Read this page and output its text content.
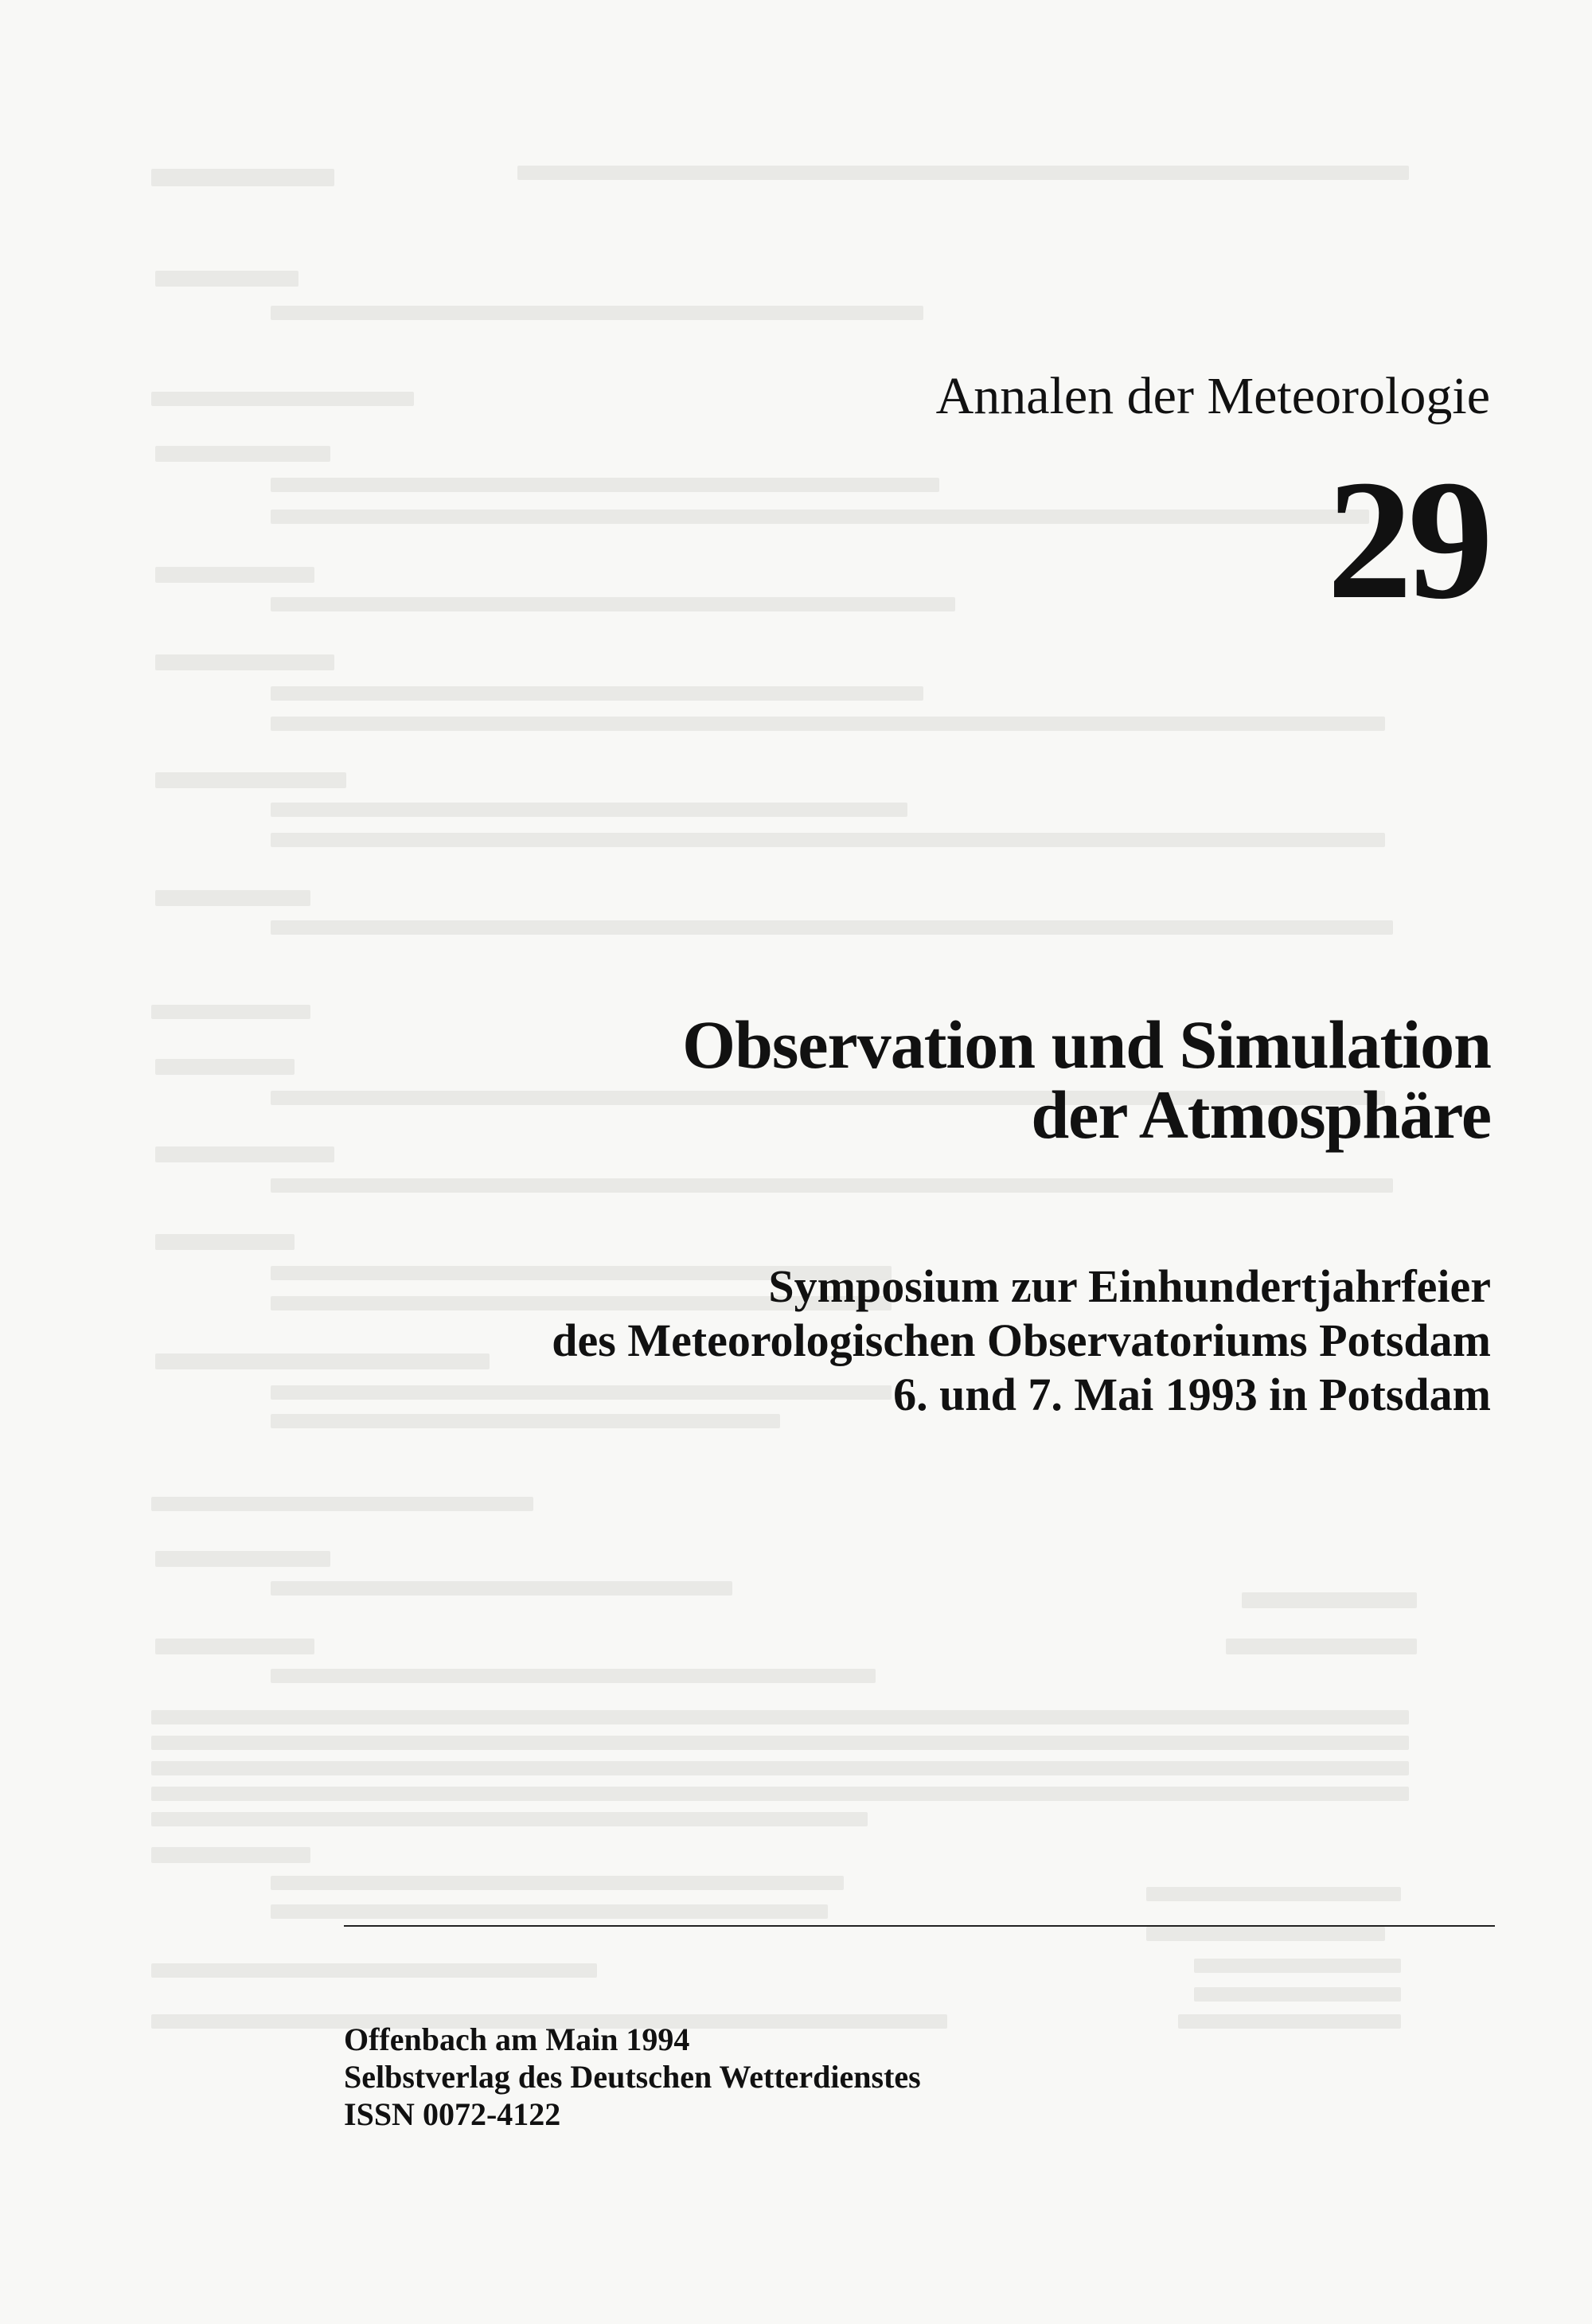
Annalen der Meteorologie
29
Observation und Simulation
der Atmosphäre
Symposium zur Einhundertjahrfeier
des Meteorologischen Observatoriums Potsdam
6. und 7. Mai 1993 in Potsdam
Offenbach am Main 1994
Selbstverlag des Deutschen Wetterdienstes
ISSN 0072-4122
